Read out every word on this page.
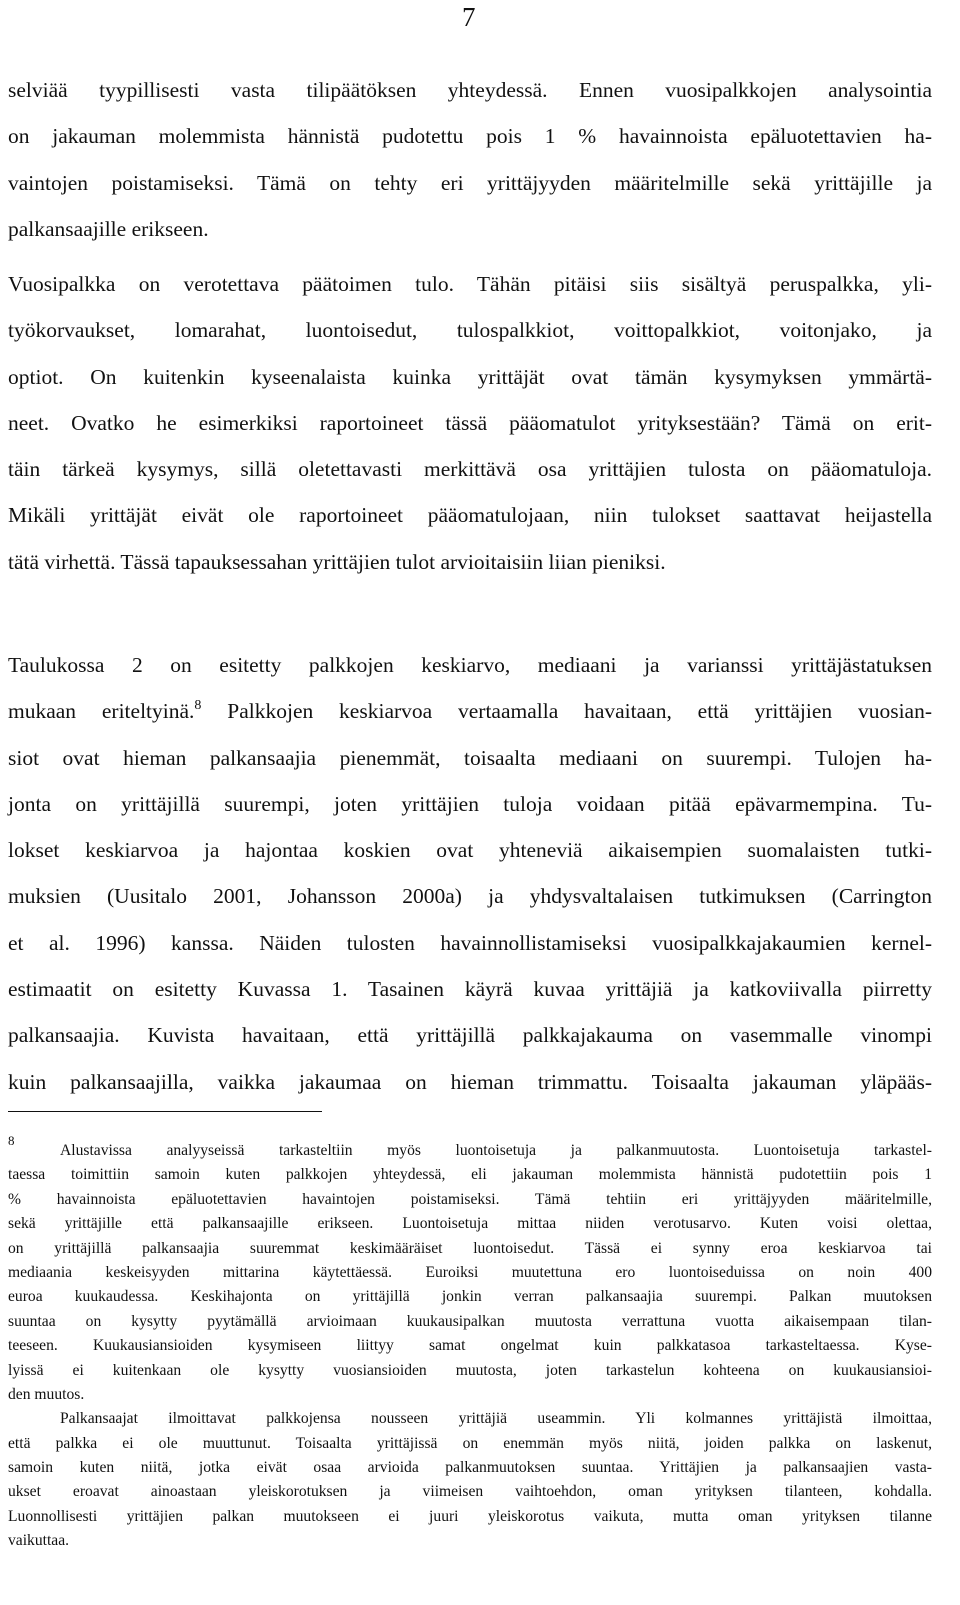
7
selviää tyypillisesti vasta tilipäätöksen yhteydessä. Ennen vuosipalkkojen analysointia
on jakauman molemmista hännistä pudotettu pois 1 % havainnoista epäluotettavien ha-
vaintojen poistamiseksi. Tämä on tehty eri yrittäjyyden määritelmille sekä yrittäjille ja
palkansaajille erikseen.
Vuosipalkka on verotettava päätoimen tulo. Tähän pitäisi siis sisältyä peruspalkka, yli-
työkorvaukset, lomarahat, luontoisedut, tulospalkkiot, voittopalkkiot, voitonjako, ja
optiot. On kuitenkin kyseenalaista kuinka yrittäjät ovat tämän kysymyksen ymmärtä-
neet. Ovatko he esimerkiksi raportoineet tässä pääomatulot yrityksestään? Tämä on erit-
täin tärkeä kysymys, sillä oletettavasti merkittävä osa yrittäjien tulosta on pääomatuloja.
Mikäli yrittäjät eivät ole raportoineet pääomatulojaan, niin tulokset saattavat heijastella
tätä virhettä. Tässä tapauksessahan yrittäjien tulot arvioitaisiin liian pieniksi.
Taulukossa 2 on esitetty palkkojen keskiarvo, mediaani ja varianssi yrittäjästatuksen
mukaan eriteltyinä.$^8$ Palkkojen keskiarvoa vertaamalla havaitaan, että yrittäjien vuosian-
siot ovat hieman palkansaajia pienemmät, toisaalta mediaani on suurempi. Tulojen ha-
jonta on yrittäjillä suurempi, joten yrittäjien tuloja voidaan pitää epävarmempina. Tu-
lokset keskiarvoa ja hajontaa koskien ovat yhteneviä aikaisempien suomalaisten tutki-
muksien (Uusitalo 2001, Johansson 2000a) ja yhdysvaltalaisen tutkimuksen (Carrington
et al. 1996) kanssa. Näiden tulosten havainnollistamiseksi vuosipalkkajakaumien kernel-
estimaatit on esitetty Kuvassa 1. Tasainen käyrä kuvaa yrittäjiä ja katkoviivalla piirretty
palkansaajia. Kuvista havaitaan, että yrittäjillä palkkajakauma on vasemmalle vinompi
kuin palkansaajilla, vaikka jakaumaa on hieman trimmattu. Toisaalta jakauman yläpääs-
8
Alustavissa analyyseissä tarkasteltiin myös luontoisetuja ja palkanmuutosta. Luontoisetuja tarkastel-
taessa toimittiin samoin kuten palkkojen yhteydessä, eli jakauman molemmista hännistä pudotettiin pois 1
% havainnoista epäluotettavien havaintojen poistamiseksi. Tämä tehtiin eri yrittäjyyden määritelmille,
sekä yrittäjille että palkansaajille erikseen. Luontoisetuja mittaa niiden verotusarvo. Kuten voisi olettaa,
on yrittäjillä palkansaajia suuremmat keskimääräiset luontoisedut. Tässä ei synny eroa keskiarvoa tai
mediaania keskeisyyden mittarina käytettäessä. Euroiksi muutettuna ero luontoiseduissa on noin 400
euroa kuukaudessa. Keskihajonta on yrittäjillä jonkin verran palkansaajia suurempi. Palkan muutoksen
suuntaa on kysytty pyytämällä arvioimaan kuukausipalkan muutosta verrattuna vuotta aikaisempaan tilan-
teeseen. Kuukausiansioiden kysymiseen liittyy samat ongelmat kuin palkkatasoa tarkasteltaessa. Kyse-
lyissä ei kuitenkaan ole kysytty vuosiansioiden muutosta, joten tarkastelun kohteena on kuukausiansioi-
den muutos.
Palkansaajat ilmoittavat palkkojensa nousseen yrittäjiä useammin. Yli kolmannes yrittäjistä ilmoittaa,
että palkka ei ole muuttunut. Toisaalta yrittäjissä on enemmän myös niitä, joiden palkka on laskenut,
samoin kuten niitä, jotka eivät osaa arvioida palkanmuutoksen suuntaa. Yrittäjien ja palkansaajien vasta-
ukset eroavat ainoastaan yleiskorotuksen ja viimeisen vaihtoehdon, oman yrityksen tilanteen, kohdalla.
Luonnollisesti yrittäjien palkan muutokseen ei juuri yleiskorotus vaikuta, mutta oman yrityksen tilanne
vaikuttaa.
